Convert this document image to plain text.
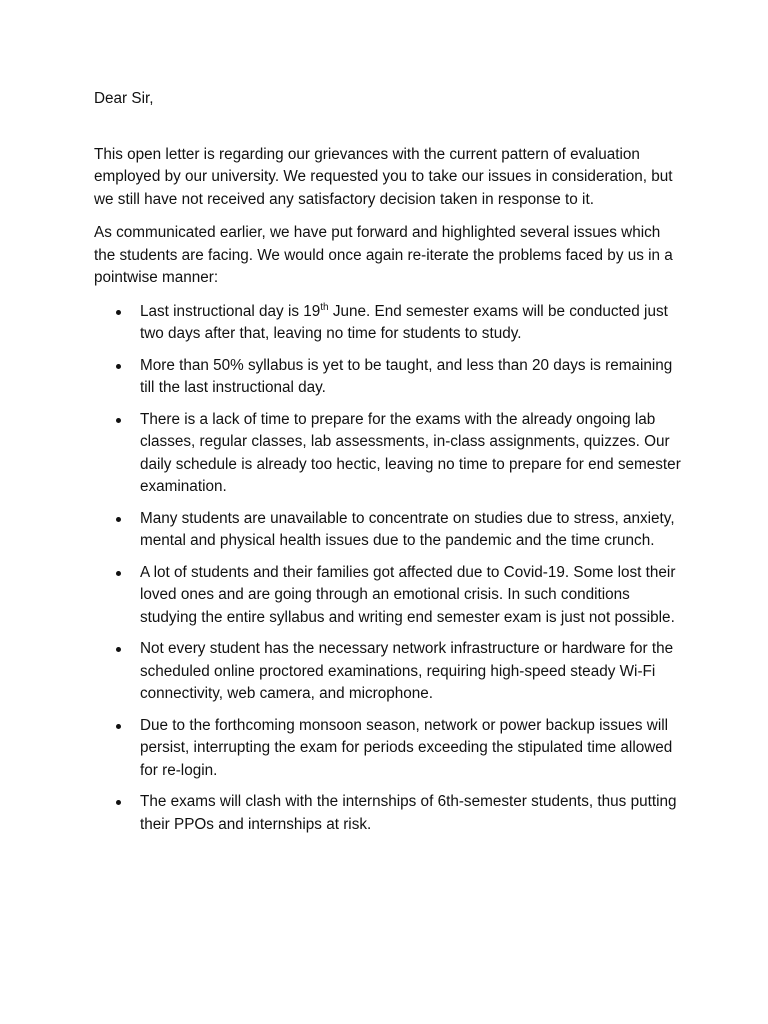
Dear Sir,

This open letter is regarding our grievances with the current pattern of evaluation employed by our university. We requested you to take our issues in consideration, but we still have not received any satisfactory decision taken in response to it.

As communicated earlier, we have put forward and highlighted several issues which the students are facing. We would once again re-iterate the problems faced by us in a pointwise manner:

Last instructional day is 19th June. End semester exams will be conducted just two days after that, leaving no time for students to study.
More than 50% syllabus is yet to be taught, and less than 20 days is remaining till the last instructional day.
There is a lack of time to prepare for the exams with the already ongoing lab classes, regular classes, lab assessments, in-class assignments, quizzes. Our daily schedule is already too hectic, leaving no time to prepare for end semester examination.
Many students are unavailable to concentrate on studies due to stress, anxiety, mental and physical health issues due to the pandemic and the time crunch.
A lot of students and their families got affected due to Covid-19. Some lost their loved ones and are going through an emotional crisis. In such conditions studying the entire syllabus and writing end semester exam is just not possible.
Not every student has the necessary network infrastructure or hardware for the scheduled online proctored examinations, requiring high-speed steady Wi-Fi connectivity, web camera, and microphone.
Due to the forthcoming monsoon season, network or power backup issues will persist, interrupting the exam for periods exceeding the stipulated time allowed for re-login.
The exams will clash with the internships of 6th-semester students, thus putting their PPOs and internships at risk.
